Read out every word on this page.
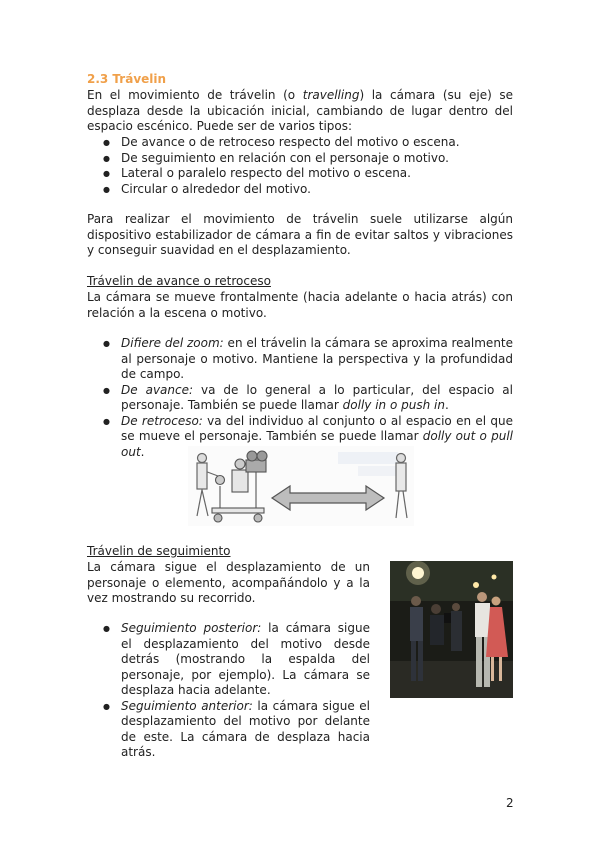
2.3 Trávelin

En el movimiento de trávelin (o travelling) la cámara (su eje) se desplaza desde la ubicación inicial, cambiando de lugar dentro del espacio escénico. Puede ser de varios tipos:

● De avance o de retroceso respecto del motivo o escena.
● De seguimiento en relación con el personaje o motivo.
● Lateral o paralelo respecto del motivo o escena.
● Circular o alrededor del motivo.

Para realizar el movimiento de trávelin suele utilizarse algún dispositivo estabilizador de cámara a fin de evitar saltos y vibraciones y conseguir suavidad en el desplazamiento.

Trávelin de avance o retroceso

La cámara se mueve frontalmente (hacia adelante o hacia atrás) con relación a la escena o motivo.

● Difiere del zoom: en el trávelin la cámara se aproxima realmente al personaje o motivo. Mantiene la perspectiva y la profundidad de campo.
● De avance: va de lo general a lo particular, del espacio al personaje. También se puede llamar dolly in o push in.
● De retroceso: va del individuo al conjunto o al espacio en el que se mueve el personaje. También se puede llamar dolly out o pull out.
Trávelin de seguimiento

La cámara sigue el desplazamiento de un personaje o elemento, acompañándolo y a la vez mostrando su recorrido.

● Seguimiento posterior: la cámara sigue el desplazamiento del motivo desde detrás (mostrando la espalda del personaje, por ejemplo). La cámara se desplaza hacia adelante.
● Seguimiento anterior: la cámara sigue el desplazamiento del motivo por delante de este. La cámara de desplaza hacia atrás.
2
